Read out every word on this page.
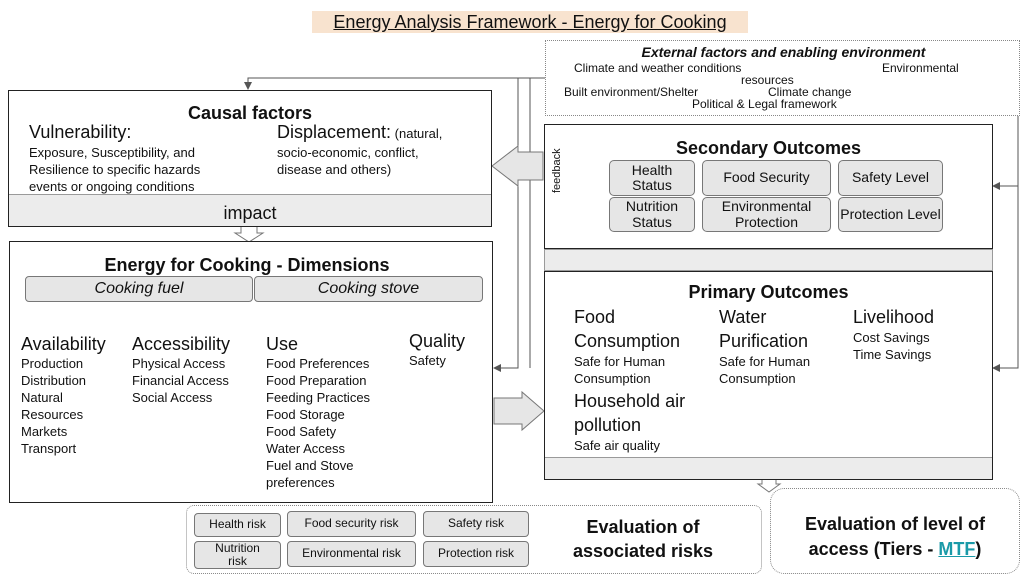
Energy Analysis Framework - Energy for Cooking
External factors and enabling environment
Climate and weather conditions	Environmental
resources
Built environment/Shelter	Climate change
Political & Legal framework
Causal factors
Vulnerability:
Exposure, Susceptibility, and
Resilience to specific hazards
events or ongoing conditions
Displacement: (natural,
socio-economic, conflict,
disease and others)
impact
Secondary Outcomes
feedback	Health Status	Food Security	Safety Level
Nutrition Status
Environmental Protection	Protection Level
Primary Outcomes
Food
Consumption
Safe for Human
Consumption
Water
Purification
Safe for Human
Consumption
Livelihood
Cost Savings
Time Savings
Household air
pollution
Safe air quality
Energy for Cooking - Dimensions
Cooking fuel	Cooking stove
Availability
Production
Distribution
Natural
Resources
Markets
Transport
Accessibility
Physical Access
Financial Access
Social Access
Use
Food Preferences
Food Preparation
Feeding Practices
Food Storage
Food Safety
Water Access
Fuel and Stove
preferences
Quality
Safety
Health risk	Food security risk	Safety risk
Nutrition risk
Environmental risk	Protection risk
Evaluation of
associated risks
Evaluation of level of
access (Tiers - MTF)
